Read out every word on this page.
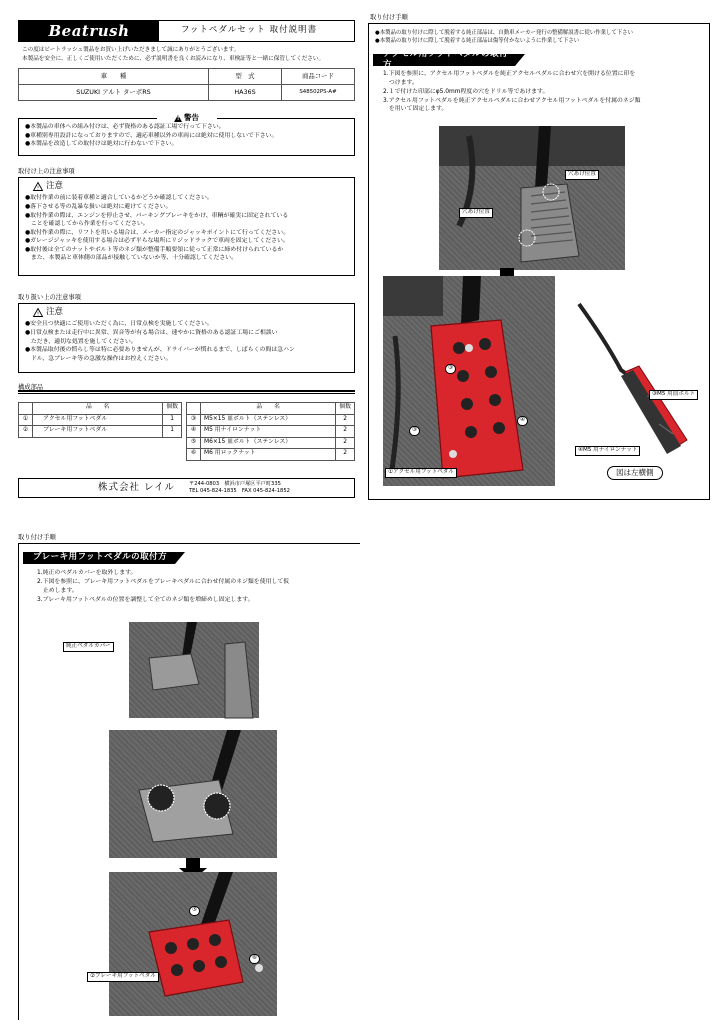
Beatrush	フットペダルセット 取付説明書
この度はビートラッシュ製品をお買い上げいただきまして誠にありがとうございます。
本製品を安全に、正しくご使用いただくために、必ず説明書を良くお読みになり、車検証等と一緒に保管してください。
車　　種	型　式	商品コード
SUZUKI アルト ターボRS	HA36S	S48502PS-A#
!
警告
●本製品の車体への組み付けは、必ず資格のある認証工場で行って下さい。
●車種別専用設計になっておりますので、適応車種以外の車両には絶対に使用しないで下さい。
●本製品を改造しての取付けは絶対に行わないで下さい。
取付け上の注意事項
! 注意
●取付作業の前に装着車種と適合しているかどうか確認してください。
●落下させる等の乱暴な扱いは絶対に避けてください。
●取付作業の際は、エンジンを停止させ、パーキングブレーキをかけ、車輌が確実に固定されている
　ことを確認してから作業を行ってください。
●取付作業の際に、リフトを用いる場合は、メーカー指定のジャッキポイントにて行ってください。
●ガレージジャッキを使用する場合は必ず平らな場所にリジッドラックで車両を固定してください。
●取付後は全てのナットやボルト等のネジ類が整備手順要領に従って正常に締め付けられているか
　また、本製品と車体側の部品が接触していないか等、十分確認してください。
取り扱い上の注意事項
! 注意
●安全且つ快適にご使用いただく為に、日常点検を実施してください。
●日常点検または走行中に異常、異音等が有る場合は、速やかに資格のある認証工場にご相談い
　ただき、適切な処置を施してください。
●本製品取付後の慣らし等は特に必要ありませんが、ドライバーが慣れるまで、しばらくの間は急ハン
　ドル、急ブレーキ等の急激な操作はお控えください。
構成部品
	品　　名	個数
①	アクセル用フットペダル	1
②	ブレーキ用フットペダル	1
	品　　名	個数
③	M5×15 皿ボルト（ステンレス）	2
④	M5 用ナイロンナット	2
⑤	M6×15 皿ボルト（ステンレス）	2
⑥	M6 用ロックナット	2
株式会社 レイル	〒244-0803　横浜市戸塚区平戸町335
TEL 045-824-1835　FAX 045-824-1852
取り付け手順
●本製品の取り付けに際して脱着する純正部品は、自動車メーカー発行の整備解説書に従い作業して下さい
●本製品の取り付けに際して脱着する純正部品は傷等付かないように作業して下さい
アクセル用フットペダルの取付方
1.下図を参照に、アクセル用フットペダルを純正アクセルペダルに合わせ穴を開ける位置に印を
　つけます。
2.１で付けた印部にφ5.0mm程度の穴をドリル等であけます。
3.アクセル用フットペダルを純正アクセルペダルに合わせアクセル用フットペダルを付属のネジ類
　を用いて固定します。
穴あけ位置
穴あけ位置
③
③
④
①アクセル用フットペダル
③M5 用皿ボルト
④M5 用ナイロンナット
図は左横側
取り付け手順
ブレーキ用フットペダルの取付方
1.純正のペダルカバーを取外します。
2.下図を参照に、ブレーキ用フットペダルをブレーキペダルに合わせ付属のネジ類を使用して仮
　止めします。
3.ブレーキ用フットペダルの位置を調整して全てのネジ類を増締めし固定します。
純正ペダルカバー
②ブレーキ用フットペダル
⑤
⑥
